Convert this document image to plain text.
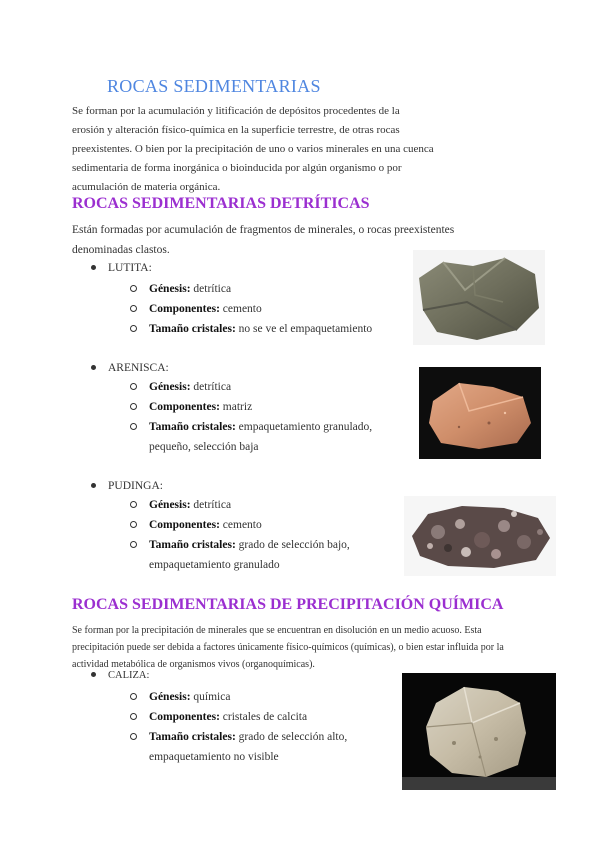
ROCAS SEDIMENTARIAS
Se forman por la acumulación y litificación de depósitos procedentes de la
erosión y alteración físico-química en la superficie terrestre, de otras rocas
preexistentes. O bien por la precipitación de uno o varios minerales en una cuenca
sedimentaria de forma inorgánica o bioinducida por algún organismo o por
acumulación de materia orgánica.
ROCAS SEDIMENTARIAS DETRÍTICAS
Están formadas por acumulación de fragmentos de minerales, o rocas preexistentes
denominadas clastos.
LUTITA:
Génesis: detrítica
Componentes: cemento
Tamaño cristales: no se ve el empaquetamiento
ARENISCA:
Génesis: detrítica
Componentes: matriz
Tamaño cristales: empaquetamiento granulado,
pequeño, selección baja
PUDINGA:
Génesis: detrítica
Componentes: cemento
Tamaño cristales: grado de selección bajo,
empaquetamiento granulado
ROCAS SEDIMENTARIAS DE PRECIPITACIÓN QUÍMICA
Se forman por la precipitación de minerales que se encuentran en disolución en un medio acuoso. Esta
precipitación puede ser debida a factores únicamente físico-químicos (químicas), o bien estar influida por la
actividad metabólica de organismos vivos (organoquímicas).
CALIZA:
Génesis: química
Componentes: cristales de calcita
Tamaño cristales: grado de selección alto,
empaquetamiento no visible
